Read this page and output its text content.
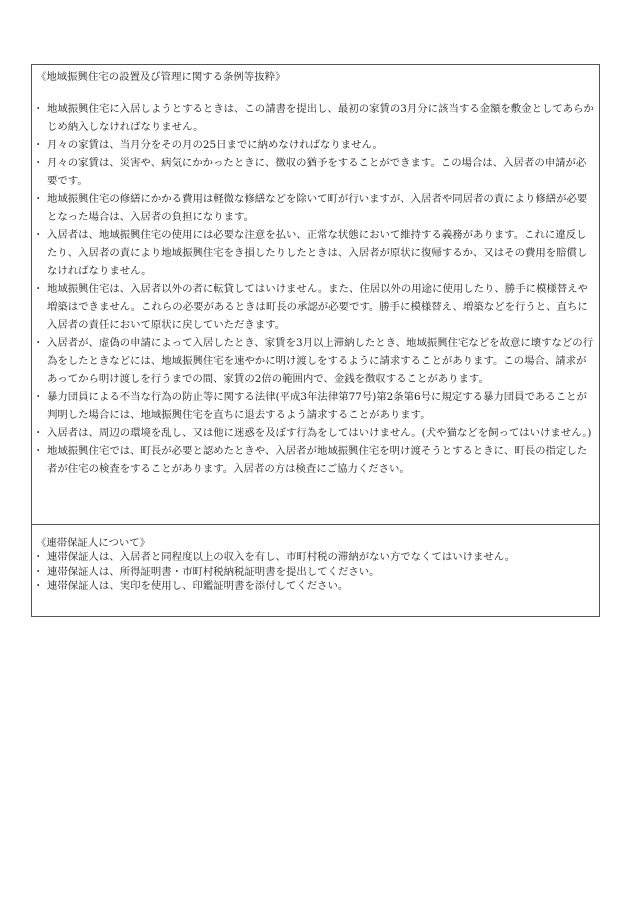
《地域振興住宅の設置及び管理に関する条例等抜粋》

・ 地域振興住宅に入居しようとするときは、この請書を提出し、最初の家賃の3月分に該当する金額を敷金としてあらかじめ納入しなければなりません。
・ 月々の家賃は、当月分をその月の25日までに納めなければなりません。
・ 月々の家賃は、災害や、病気にかかったときに、徴収の猶予をすることができます。この場合は、入居者の申請が必要です。
・ 地域振興住宅の修繕にかかる費用は軽微な修繕などを除いて町が行いますが、入居者や同居者の責により修繕が必要となった場合は、入居者の負担になります。
・ 入居者は、地域振興住宅の使用には必要な注意を払い、正常な状態において維持する義務があります。これに違反したり、入居者の責により地域振興住宅をき損したりしたときは、入居者が原状に復帰するか、又はその費用を賠償しなければなりません。
・ 地域振興住宅は、入居者以外の者に転貸してはいけません。また、住居以外の用途に使用したり、勝手に模様替えや増築はできません。これらの必要があるときは町長の承認が必要です。勝手に模様替え、増築などを行うと、直ちに入居者の責任において原状に戻していただきます。
・ 入居者が、虚偽の申請によって入居したとき、家賃を3月以上滞納したとき、地域振興住宅などを故意に壊すなどの行為をしたときなどには、地域振興住宅を速やかに明け渡しをするように請求することがあります。この場合、請求があってから明け渡しを行うまでの間、家賃の2倍の範囲内で、金銭を徴収することがあります。
・ 暴力団員による不当な行為の防止等に関する法律(平成3年法律第77号)第2条第6号に規定する暴力団員であることが判明した場合には、地域振興住宅を直ちに退去するよう請求することがあります。
・ 入居者は、周辺の環境を乱し、又は他に迷惑を及ぼす行為をしてはいけません。(犬や猫などを飼ってはいけません。)
・ 地域振興住宅では、町長が必要と認めたときや、入居者が地域振興住宅を明け渡そうとするときに、町長の指定した者が住宅の検査をすることがあります。入居者の方は検査にご協力ください。

《連帯保証人について》

・ 連帯保証人は、入居者と同程度以上の収入を有し、市町村税の滞納がない方でなくてはいけません。
・ 連帯保証人は、所得証明書・市町村税納税証明書を提出してください。
・ 連帯保証人は、実印を使用し、印鑑証明書を添付してください。
